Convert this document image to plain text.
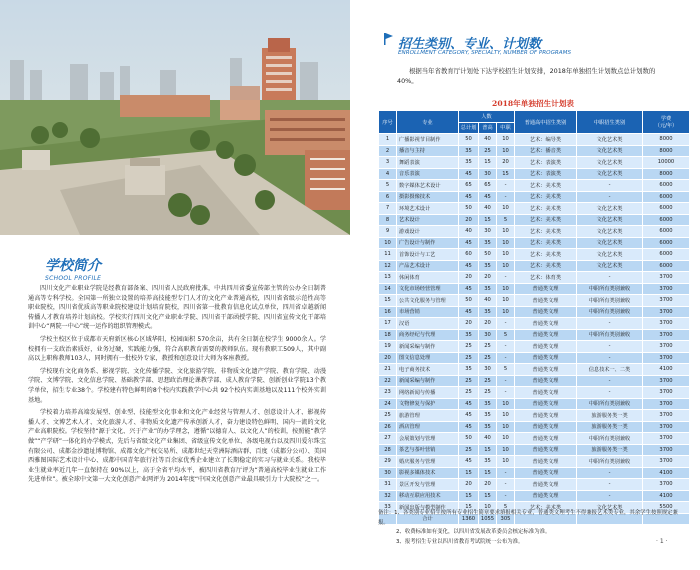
学校简介
SCHOOL PROFILE

四川文化产业职业学院是经教育部备案、四川省人民政府批准，中共四川省委宣传部主管的公办全日制普通高等专科学校。全国第一所独立设置的培养高技能型专门人才的文化产业普通高校，四川省省级示范性高等职业院校，四川省优质高等职业院校建设计划培育院校，四川省第一批教育信息化试点单位，四川省卓越新闻传播人才教育培养计划高校。学校实行四川文化产业职业学院、四川省干部函授学院、四川省宣传文化干部培训中心“两院一中心”统一运作的组织管理模式。

学校主校区位于成都市天府新区核心区域华阳，校园面积 570余亩，共有全日制在校学生 9000余人。学校拥有一支政治素质好，业务过硬，实践能力强，符合高职教育需要的教师队伍。现有教职工509人，其中副高以上职称教师103人，同时拥有一批校外专家，教授和创意设计大师为客座教授。

学校现有文化商务系、影视学院、文化传播学院、文化旅游学院、非物质文化遗产学院、教育学院、动漫学院、文博学院、文化信息学院、基础教学部、思想政治理论课教学部、成人教育学院、创新创业学院13个教学单位，招生专业38个。学校建有特色鲜明的8个校内实践教学中心共 92个校内实训基地以及111个校外实训基地。

学校着力培养高端发展型、创业型、技能型文化事业和文化产业经营与管理人才、创意设计人才、影视传播人才、文博艺术人才、文化旅游人才、非物质文化遗产传承创新人才，奋力建设特色鲜明、国内一流的文化产业高职院校。学校坚持“源于文化、兴于产业”的办学理念，遵循“以德育人、以文化人”的校训，按照能“教学做”“产学研”一体化的办学模式，先后与省级文化产业集团、省级宣传文化单位、各级电视台以及四川爱尔珠宝有限公司、成都金沙遗址博物馆、成都文化产权交易所、成都世纪天堂洲际酒店群、百度（成都分公司）、美国西雅图国际艺术设计中心、成都中国青年旅行社等百余家优秀企业建立了长期稳定的实习与就业关系。我校毕业生就业率近几年一直保持在 90%以上，高于全省平均水平，被四川省教育厅评为“普通高校毕业生就业工作先进单位”。被全球中文第一大文化创意产业网评为 2014年度“中国文化创意产业最具吸引力十大院校”之一。

招生类别、专业、计划数
ENROLLMENT CATEGORY, SPECIALTY, NUMBER OF PROGRAMS
根据当年省教育厅计划处下达学校招生计划安排，2018年单独招生计划数点总计划数的 40%。
2018年单独招生计划表
序号	专业	人数			普通高中招生类别	中职招生类别	学费
（元/年）
		总计划	普高	中职			
1	广播影视节目制作	50	40	10	艺术：编导类	文化艺术类	8000
2	播音与主持	35	25	10	艺术：播音类	文化艺术类	8000
3	舞蹈表演	35	15	20	艺术：表演类	文化艺术类	10000
4	音乐表演	45	30	15	艺术：表演类	文化艺术类	8000
5	数字媒体艺术设计	65	65	-	艺术：美术类	-	6000
6	摄影摄像技术	45	45	-	艺术：美术类	-	6000
7	环境艺术设计	50	40	10	艺术：美术类	文化艺术类	6000
8	艺术设计	20	15	5	艺术：美术类	文化艺术类	6000
9	游戏设计	40	30	10	艺术：美术类	文化艺术类	6000
10	广告设计与制作	45	35	10	艺术：美术类	文化艺术类	6000
11	首饰设计与工艺	60	50	10	艺术：美术类	文化艺术类	6000
12	产品艺术设计	45	35	10	艺术：美术类	文化艺术类	6000
13	休闲体育	20	20	-	艺术：体育类	-	3700
14	文化市场经营管理	45	35	10	普通类文理	中职所有类别兼收	3700
15	公共文化服务与管理	50	40	10	普通类文理	中职所有类别兼收	3700
16	市场营销	45	35	10	普通类文理	中职所有类别兼收	3700
17	汉语	20	20	-	普通类文理	-	3700
18	商务经纪与代理	35	30	5	普通类文理	中职所有类别兼收	3700
19	新闻采编与制作	25	25	-	普通类文理	-	3700
20	图文信息处理	25	25	-	普通类文理	-	3700
21	电子商务技术	35	30	5	普通类文理	信息技术一、二类	4100
22	新闻采编与制作	25	25	-	普通类文理	-	3700
23	网络新闻与传播	25	25	-	普通类文理	-	3700
24	文物修复与保护	45	35	10	普通类文理	中职所有类别兼收	3700
25	旅游管理	45	35	10	普通类文理	旅游服务类一类	3700
26	酒店管理	45	35	10	普通类文理	旅游服务类一类	3700
27	会展策划与管理	50	40	10	普通类文理	中职所有类别兼收	3700
28	茶艺与茶叶营销	25	15	10	普通类文理	旅游服务类一类	3700
29	婚庆服务与管理	45	35	10	普通类文理	中职所有类别兼收	3700
30	影视多媒体技术	15	15	-	普通类文理	-	4100
31	景区开发与管理	20	20	-	普通类文理	-	3700
32	移动互联应用技术	15	15	-	普通类文理	-	4100
33	新闻出版与模型制作	15	10	5	艺术：美术类	文化艺术类	5500
	合计	1360	1055	305			
备注：1、各类别专业招生按所有专业招生简章要求填报相关专业，普通类文理考生不得兼报艺术类专业，其余学生按照规定兼报。
2、收费标准如有变化，以四川省发展改革委员会核定标准为准。
3、报考招生专业以四川省教育考试院统一公布为准。	· 1 ·
